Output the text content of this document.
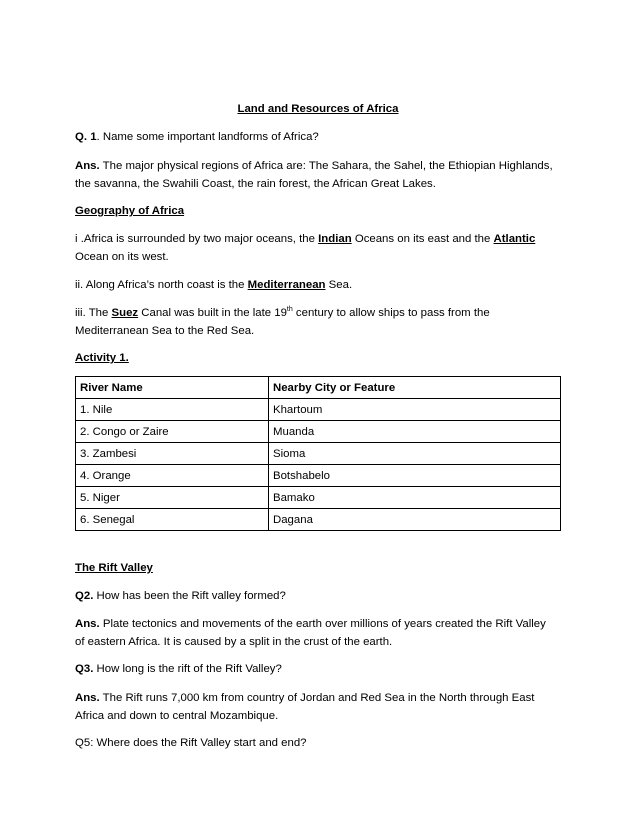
Land and Resources of Africa

Q. 1. Name some important landforms of Africa?

Ans. The major physical regions of Africa are: The Sahara, the Sahel, the Ethiopian Highlands,
the savanna, the Swahili Coast, the rain forest, the African Great Lakes.

Geography of Africa

i .Africa is surrounded by two major oceans, the Indian Oceans on its east and the Atlantic
Ocean on its west.

ii. Along Africa’s north coast is the Mediterranean Sea.

iii. The Suez Canal was built in the late 19th century to allow ships to pass from the
Mediterranean Sea to the Red Sea.

Activity 1.

River Name	Nearby City or Feature
1. Nile	Khartoum
2. Congo or Zaire	Muanda
3. Zambesi	Sioma
4. Orange	Botshabelo
5. Niger	Bamako
6. Senegal	Dagana

The Rift Valley

Q2. How has been the Rift valley formed?

Ans. Plate tectonics and movements of the earth over millions of years created the Rift Valley
of eastern Africa. It is caused by a split in the crust of the earth.

Q3. How long is the rift of the Rift Valley?

Ans. The Rift runs 7,000 km from country of Jordan and Red Sea in the North through East
Africa and down to central Mozambique.

Q5: Where does the Rift Valley start and end?
